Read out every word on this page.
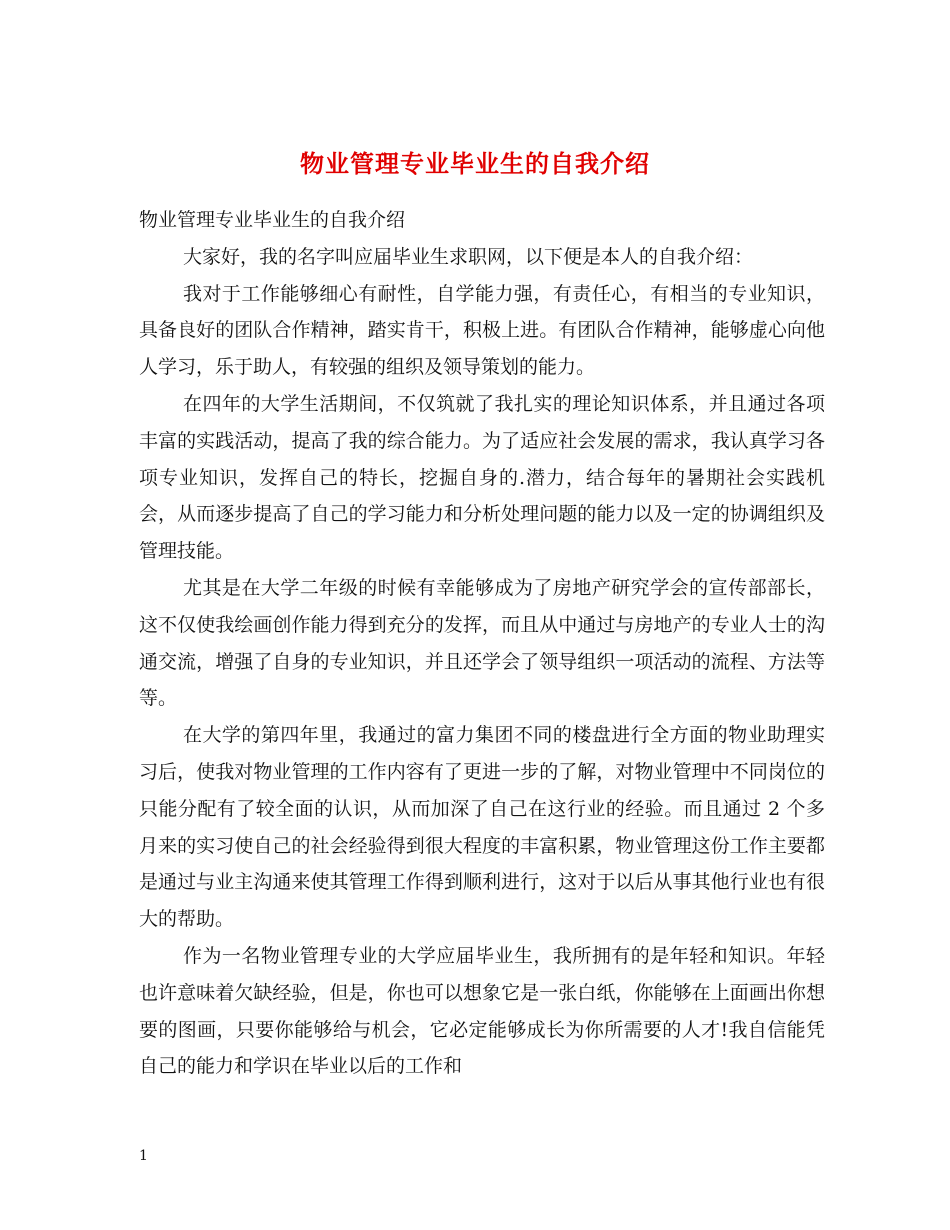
物业管理专业毕业生的自我介绍

物业管理专业毕业生的自我介绍

大家好，我的名字叫应届毕业生求职网，以下便是本人的自我介绍：

我对于工作能够细心有耐性，自学能力强，有责任心，有相当的专业知识，具备良好的团队合作精神，踏实肯干，积极上进。有团队合作精神，能够虚心向他人学习，乐于助人，有较强的组织及领导策划的能力。

在四年的大学生活期间，不仅筑就了我扎实的理论知识体系，并且通过各项丰富的实践活动，提高了我的综合能力。为了适应社会发展的需求，我认真学习各项专业知识，发挥自己的特长，挖掘自身的.潜力，结合每年的暑期社会实践机会，从而逐步提高了自己的学习能力和分析处理问题的能力以及一定的协调组织及管理技能。

尤其是在大学二年级的时候有幸能够成为了房地产研究学会的宣传部部长，这不仅使我绘画创作能力得到充分的发挥，而且从中通过与房地产的专业人士的沟通交流，增强了自身的专业知识，并且还学会了领导组织一项活动的流程、方法等等。

在大学的第四年里，我通过的富力集团不同的楼盘进行全方面的物业助理实习后，使我对物业管理的工作内容有了更进一步的了解，对物业管理中不同岗位的只能分配有了较全面的认识，从而加深了自己在这行业的经验。而且通过 2 个多月来的实习使自己的社会经验得到很大程度的丰富积累，物业管理这份工作主要都是通过与业主沟通来使其管理工作得到顺利进行，这对于以后从事其他行业也有很大的帮助。

作为一名物业管理专业的大学应届毕业生，我所拥有的是年轻和知识。年轻也许意味着欠缺经验，但是，你也可以想象它是一张白纸，你能够在上面画出你想要的图画，只要你能够给与机会，它必定能够成长为你所需要的人才!我自信能凭自己的能力和学识在毕业以后的工作和

1
